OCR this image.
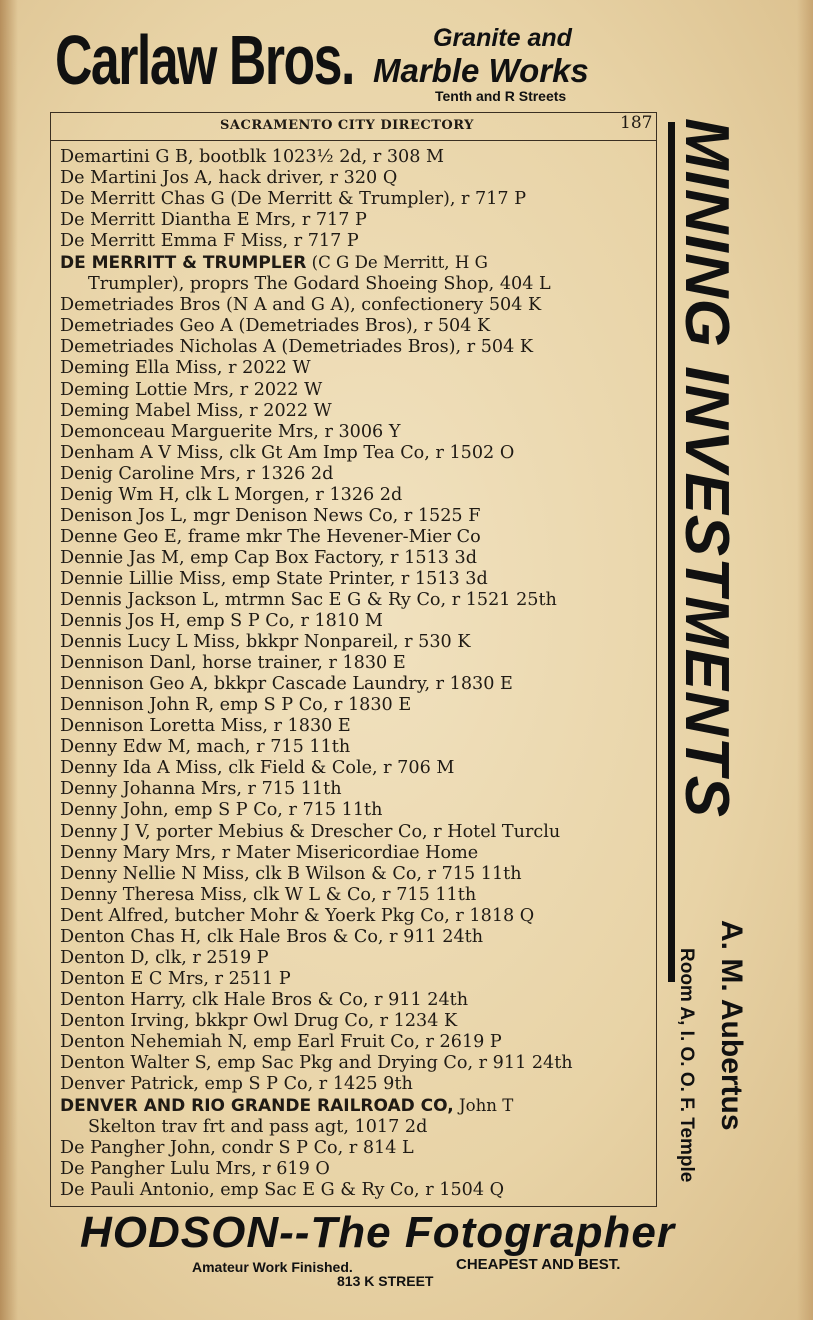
Carlaw Bros.	Granite and
Marble Works
Tenth and R Streets
SACRAMENTO CITY DIRECTORY	187
Demartini G B, bootblk 1023½ 2d, r 308 M
De Martini Jos A, hack driver, r 320 Q
De Merritt Chas G (De Merritt & Trumpler), r 717 P
De Merritt Diantha E Mrs, r 717 P
De Merritt Emma F Miss, r 717 P
DE MERRITT & TRUMPLER (C G De Merritt, H G
Trumpler), proprs The Godard Shoeing Shop, 404 L
Demetriades Bros (N A and G A), confectionery 504 K
Demetriades Geo A (Demetriades Bros), r 504 K
Demetriades Nicholas A (Demetriades Bros), r 504 K
Deming Ella Miss, r 2022 W
Deming Lottie Mrs, r 2022 W
Deming Mabel Miss, r 2022 W
Demonceau Marguerite Mrs, r 3006 Y
Denham A V Miss, clk Gt Am Imp Tea Co, r 1502 O
Denig Caroline Mrs, r 1326 2d
Denig Wm H, clk L Morgen, r 1326 2d
Denison Jos L, mgr Denison News Co, r 1525 F
Denne Geo E, frame mkr The Hevener-Mier Co
Dennie Jas M, emp Cap Box Factory, r 1513 3d
Dennie Lillie Miss, emp State Printer, r 1513 3d
Dennis Jackson L, mtrmn Sac E G & Ry Co, r 1521 25th
Dennis Jos H, emp S P Co, r 1810 M
Dennis Lucy L Miss, bkkpr Nonpareil, r 530 K
Dennison Danl, horse trainer, r 1830 E
Dennison Geo A, bkkpr Cascade Laundry, r 1830 E
Dennison John R, emp S P Co, r 1830 E
Dennison Loretta Miss, r 1830 E
Denny Edw M, mach, r 715 11th
Denny Ida A Miss, clk Field & Cole, r 706 M
Denny Johanna Mrs, r 715 11th
Denny John, emp S P Co, r 715 11th
Denny J V, porter Mebius & Drescher Co, r Hotel Turclu
Denny Mary Mrs, r Mater Misericordiae Home
Denny Nellie N Miss, clk B Wilson & Co, r 715 11th
Denny Theresa Miss, clk W L & Co, r 715 11th
Dent Alfred, butcher Mohr & Yoerk Pkg Co, r 1818 Q
Denton Chas H, clk Hale Bros & Co, r 911 24th
Denton D, clk, r 2519 P
Denton E C Mrs, r 2511 P
Denton Harry, clk Hale Bros & Co, r 911 24th
Denton Irving, bkkpr Owl Drug Co, r 1234 K
Denton Nehemiah N, emp Earl Fruit Co, r 2619 P
Denton Walter S, emp Sac Pkg and Drying Co, r 911 24th
Denver Patrick, emp S P Co, r 1425 9th
DENVER AND RIO GRANDE RAILROAD CO, John T
Skelton trav frt and pass agt, 1017 2d
De Pangher John, condr S P Co, r 814 L
De Pangher Lulu Mrs, r 619 O
De Pauli Antonio, emp Sac E G & Ry Co, r 1504 Q
MINING INVESTMENTS
A. M. Aubertus
Room A, I. O. O. F. Temple
HODSON--The Fotographer
Amateur Work Finished.	CHEAPEST AND BEST.
813 K STREET
